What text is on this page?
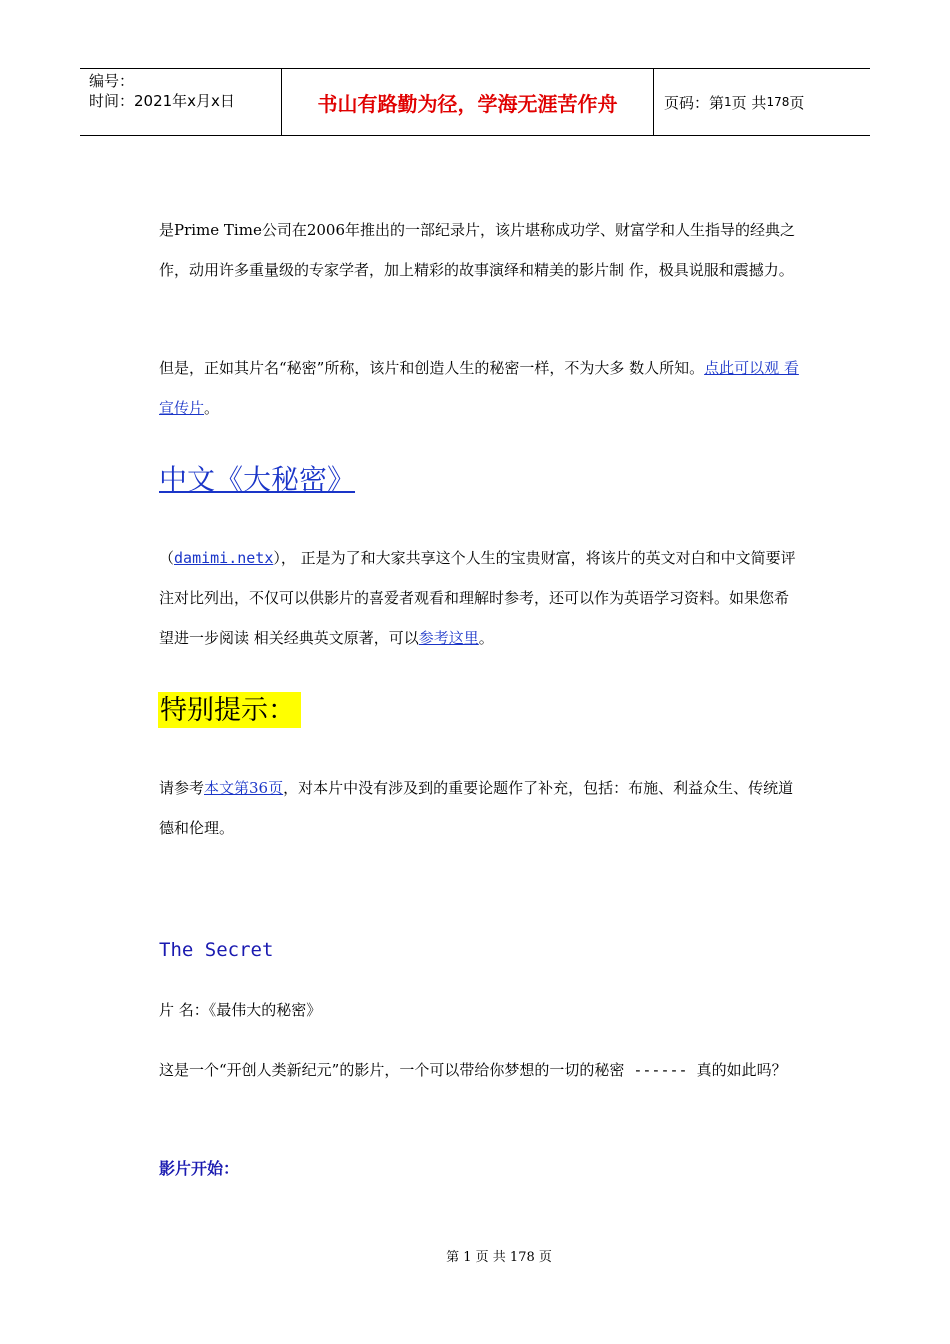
编号：
时间：2021年x月x日	书山有路勤为径，学海无涯苦作舟	页码：第 1 页 共 178 页

是Prime Time公司在2006年推出的一部纪录片，该片堪称成功学、财富学和人生指导的经典之作，动用许多重量级的专家学者，加上精彩的故事演绎和精美的影片制 作，极具说服和震撼力。

但是，正如其片名“秘密”所称，该片和创造人生的秘密一样，不为大多 数人所知。点此可以观 看宣传片。

中文《大秘密》

（damimi.netx）， 正是为了和大家共享这个人生的宝贵财富，将该片的英文对白和中文简要评注对比列出，不仅可以供影片的喜爱者观看和理解时参考，还可以作为英语学习资料。如果您希望进一步阅读 相关经典英文原著，可以参考这里。

特别提示：

请参考本文第36页，对本片中没有涉及到的重要论题作了补充，包括：布施、利益众生、传统道德和伦理。

The Secret

片 名：《最伟大的秘密》

这是一个“开创人类新纪元”的影片，一个可以带给你梦想的一切的秘密 ------ 真的如此吗？

影片开始：
第 1 页 共 178 页
